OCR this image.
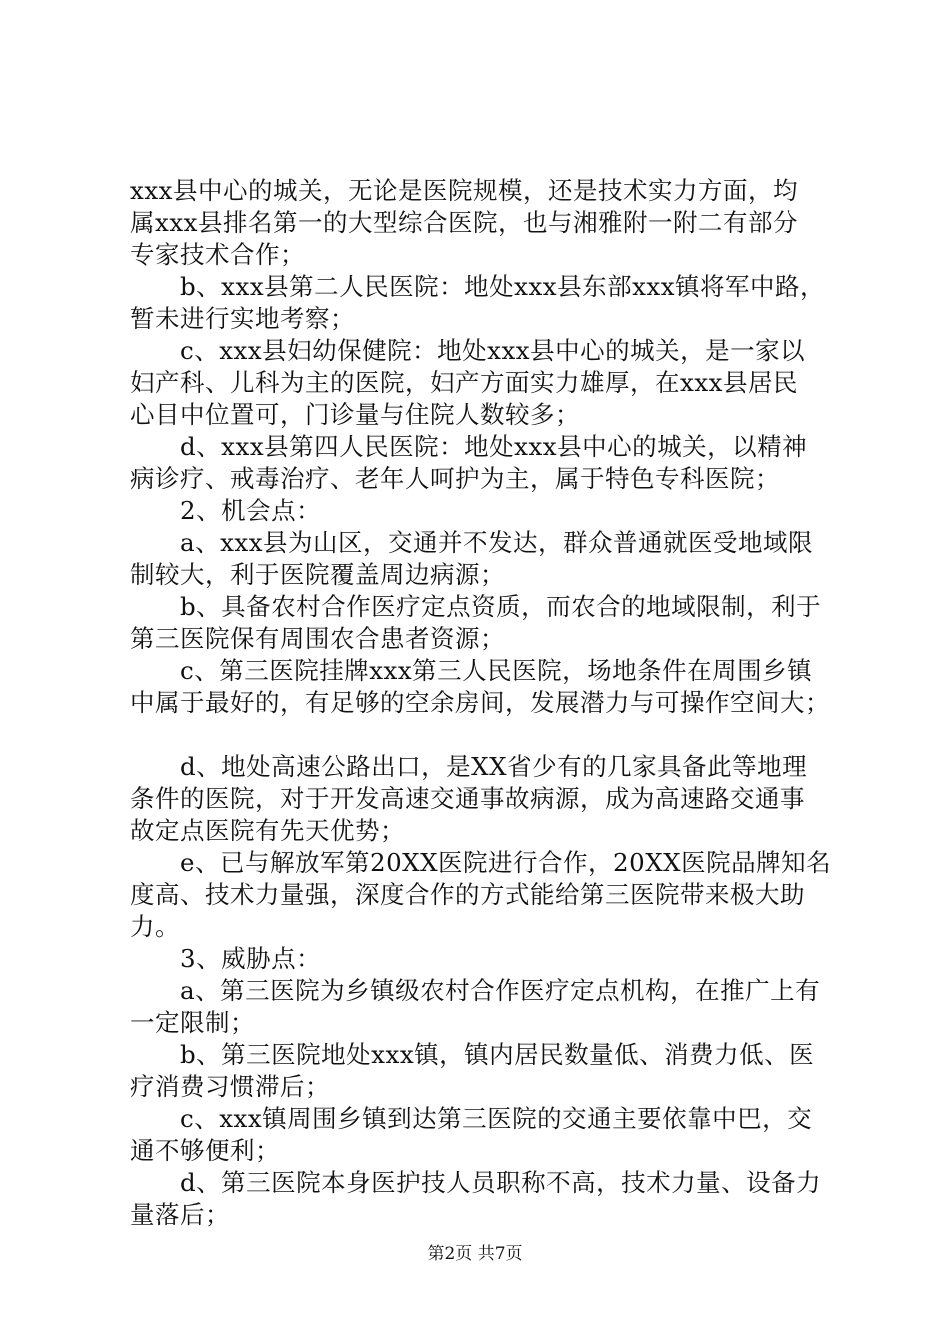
xxx县中心的城关，无论是医院规模，还是技术实力方面，均
属xxx县排名第一的大型综合医院，也与湘雅附一附二有部分
专家技术合作；
　　b、xxx县第二人民医院：地处xxx县东部xxx镇将军中路，
暂未进行实地考察；
　　c、xxx县妇幼保健院：地处xxx县中心的城关，是一家以
妇产科、儿科为主的医院，妇产方面实力雄厚，在xxx县居民
心目中位置可，门诊量与住院人数较多；
　　d、xxx县第四人民医院：地处xxx县中心的城关，以精神
病诊疗、戒毒治疗、老年人呵护为主，属于特色专科医院；
　　2、机会点：
　　a、xxx县为山区，交通并不发达，群众普通就医受地域限
制较大，利于医院覆盖周边病源；
　　b、具备农村合作医疗定点资质，而农合的地域限制，利于
第三医院保有周围农合患者资源；
　　c、第三医院挂牌xxx第三人民医院，场地条件在周围乡镇
中属于最好的，有足够的空余房间，发展潜力与可操作空间大；
　　d、地处高速公路出口，是XX省少有的几家具备此等地理
条件的医院，对于开发高速交通事故病源，成为高速路交通事
故定点医院有先天优势；
　　e、已与解放军第20XX医院进行合作，20XX医院品牌知名
度高、技术力量强，深度合作的方式能给第三医院带来极大助
力。
　　3、威胁点：
　　a、第三医院为乡镇级农村合作医疗定点机构，在推广上有
一定限制；
　　b、第三医院地处xxx镇，镇内居民数量低、消费力低、医
疗消费习惯滞后；
　　c、xxx镇周围乡镇到达第三医院的交通主要依靠中巴，交
通不够便利；
　　d、第三医院本身医护技人员职称不高，技术力量、设备力
量落后；
第2页 共7页
